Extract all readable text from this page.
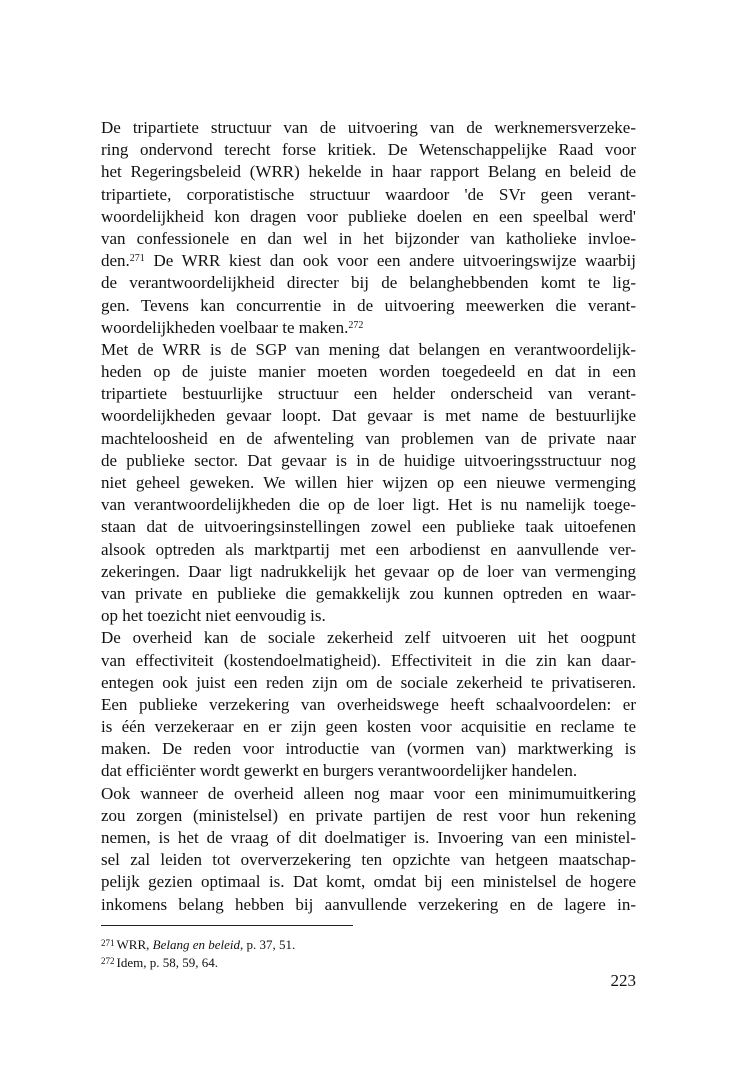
De tripartiete structuur van de uitvoering van de werknemersverzeke-
ring ondervond terecht forse kritiek. De Wetenschappelijke Raad voor
het Regeringsbeleid (WRR) hekelde in haar rapport Belang en beleid de
tripartiete, corporatistische structuur waardoor 'de SVr geen verant-
woordelijkheid kon dragen voor publieke doelen en een speelbal werd'
van confessionele en dan wel in het bijzonder van katholieke invloe-
den.$^{271}$ De WRR kiest dan ook voor een andere uitvoeringswijze waarbij
de verantwoordelijkheid directer bij de belanghebbenden komt te lig-
gen. Tevens kan concurrentie in de uitvoering meewerken die verant-
woordelijkheden voelbaar te maken.$^{272}$
Met de WRR is de SGP van mening dat belangen en verantwoordelijk-
heden op de juiste manier moeten worden toegedeeld en dat in een
tripartiete bestuurlijke structuur een helder onderscheid van verant-
woordelijkheden gevaar loopt. Dat gevaar is met name de bestuurlijke
machteloosheid en de afwenteling van problemen van de private naar
de publieke sector. Dat gevaar is in de huidige uitvoeringsstructuur nog
niet geheel geweken. We willen hier wijzen op een nieuwe vermenging
van verantwoordelijkheden die op de loer ligt. Het is nu namelijk toege-
staan dat de uitvoeringsinstellingen zowel een publieke taak uitoefenen
alsook optreden als marktpartij met een arbodienst en aanvullende ver-
zekeringen. Daar ligt nadrukkelijk het gevaar op de loer van vermenging
van private en publieke die gemakkelijk zou kunnen optreden en waar-
op het toezicht niet eenvoudig is.
De overheid kan de sociale zekerheid zelf uitvoeren uit het oogpunt
van effectiviteit (kostendoelmatigheid). Effectiviteit in die zin kan daar-
entegen ook juist een reden zijn om de sociale zekerheid te privatiseren.
Een publieke verzekering van overheidswege heeft schaalvoordelen: er
is één verzekeraar en er zijn geen kosten voor acquisitie en reclame te
maken. De reden voor introductie van (vormen van) marktwerking is
dat efficiënter wordt gewerkt en burgers verantwoordelijker handelen.
Ook wanneer de overheid alleen nog maar voor een minimumuitkering
zou zorgen (ministelsel) en private partijen de rest voor hun rekening
nemen, is het de vraag of dit doelmatiger is. Invoering van een ministel-
sel zal leiden tot oververzekering ten opzichte van hetgeen maatschap-
pelijk gezien optimaal is. Dat komt, omdat bij een ministelsel de hogere
inkomens belang hebben bij aanvullende verzekering en de lagere in-
$^{271}$ WRR, Belang en beleid, p. 37, 51.
$^{272}$ Idem, p. 58, 59, 64.
223
